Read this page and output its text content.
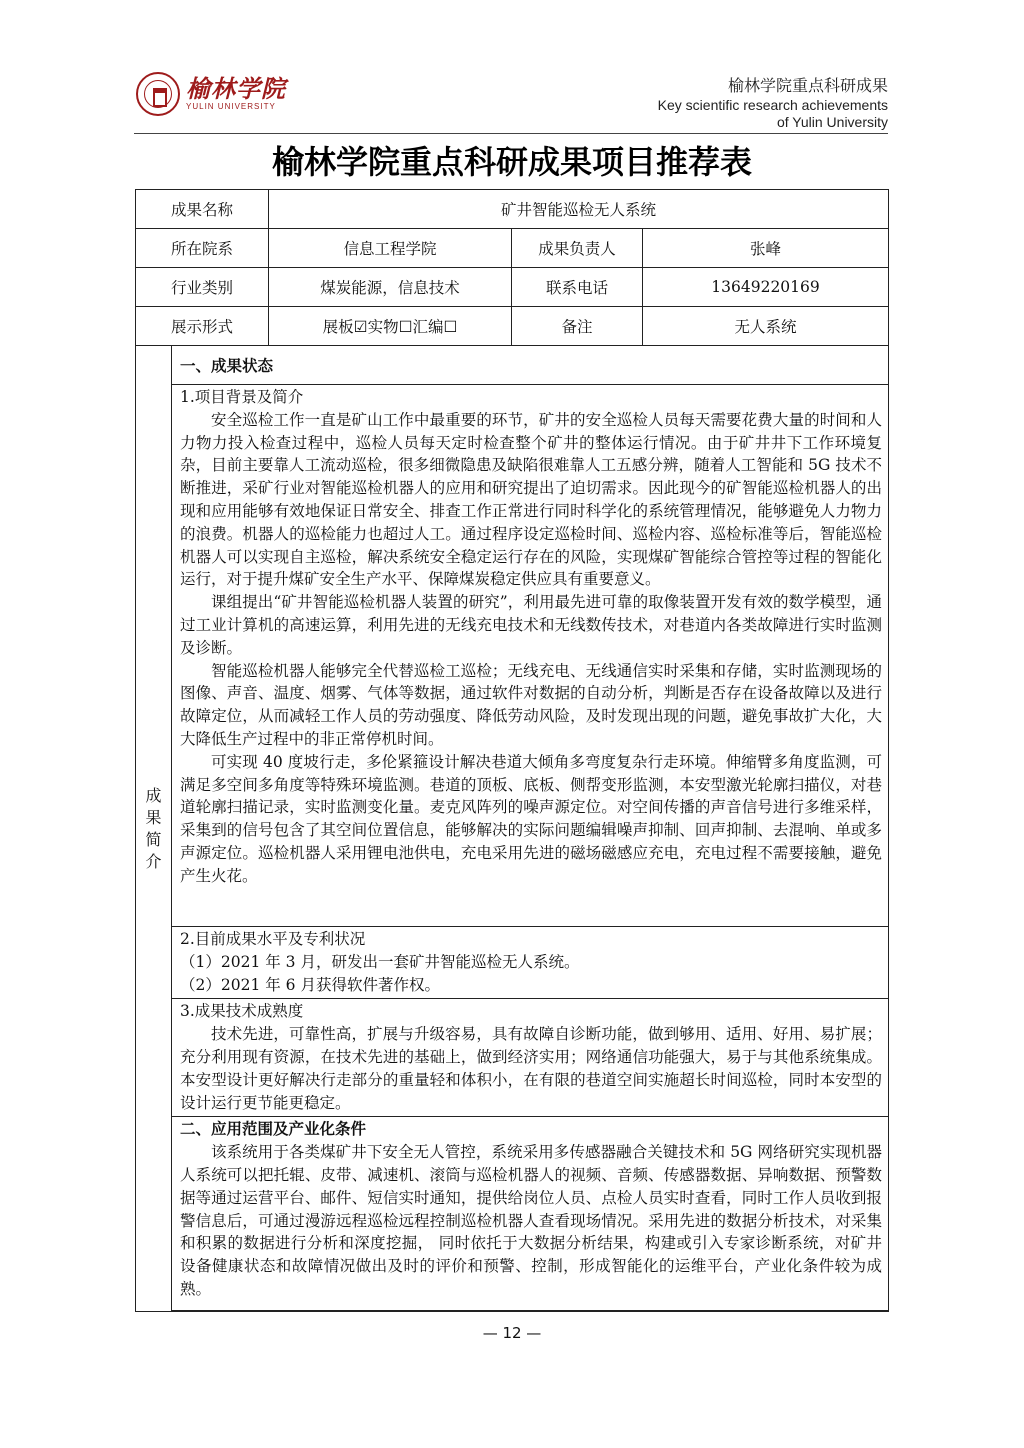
榆林学院
YULIN UNIVERSITY
榆林学院重点科研成果
Key scientific research achievements
of Yulin University
榆林学院重点科研成果项目推荐表
成果名称		矿井智能巡检无人系统		
所在院系		信息工程学院	成果负责人	张峰
行业类别		煤炭能源，信息技术	联系电话	13649220169
展示形式		展板☑实物☐汇编☐	备注	无人系统

成
果
简
介	一、成果状态			

	1.项目背景及简介

安全巡检工作一直是矿山工作中最重要的环节，矿井的安全巡检人员每天需要花费大量的时间和人力物力投入检查过程中，巡检人员每天定时检查整个矿井的整体运行情况。由于矿井井下工作环境复杂，目前主要靠人工流动巡检，很多细微隐患及缺陷很难靠人工五感分辨，随着人工智能和 5G 技术不断推进，采矿行业对智能巡检机器人的应用和研究提出了迫切需求。因此现今的矿智能巡检机器人的出现和应用能够有效地保证日常安全、排查工作正常进行同时科学化的系统管理情况，能够避免人力物力的浪费。机器人的巡检能力也超过人工。通过程序设定巡检时间、巡检内容、巡检标准等后，智能巡检机器人可以实现自主巡检，解决系统安全稳定运行存在的风险，实现煤矿智能综合管控等过程的智能化运行，对于提升煤矿安全生产水平、保障煤炭稳定供应具有重要意义。

课组提出“矿井智能巡检机器人装置的研究”，利用最先进可靠的取像装置开发有效的数学模型，通过工业计算机的高速运算，利用先进的无线充电技术和无线数传技术，对巷道内各类故障进行实时监测及诊断。

智能巡检机器人能够完全代替巡检工巡检；无线充电、无线通信实时采集和存储，实时监测现场的图像、声音、温度、烟雾、气体等数据，通过软件对数据的自动分析，判断是否存在设备故障以及进行故障定位，从而减轻工作人员的劳动强度、降低劳动风险，及时发现出现的问题，避免事故扩大化，大大降低生产过程中的非正常停机时间。

可实现 40 度坡行走，多伦紧箍设计解决巷道大倾角多弯度复杂行走环境。伸缩臂多角度监测，可满足多空间多角度等特殊环境监测。巷道的顶板、底板、侧帮变形监测，本安型激光轮廓扫描仪，对巷道轮廓扫描记录，实时监测变化量。麦克风阵列的噪声源定位。对空间传播的声音信号进行多维采样，采集到的信号包含了其空间位置信息，能够解决的实际问题编辑噪声抑制、回声抑制、去混响、单或多声源定位。巡检机器人采用锂电池供电，充电采用先进的磁场磁感应充电，充电过程不需要接触，避免产生火花。			

	2.目前成果水平及专利状况
（1）2021 年 3 月，研发出一套矿井智能巡检无人系统。
（2）2021 年 6 月获得软件著作权。			

	3.成果技术成熟度

技术先进，可靠性高，扩展与升级容易，具有故障自诊断功能，做到够用、适用、好用、易扩展；充分利用现有资源，在技术先进的基础上，做到经济实用；网络通信功能强大，易于与其他系统集成。本安型设计更好解决行走部分的重量轻和体积小，在有限的巷道空间实施超长时间巡检，同时本安型的设计运行更节能更稳定。			

	二、应用范围及产业化条件

该系统用于各类煤矿井下安全无人管控，系统采用多传感器融合关键技术和 5G 网络研究实现机器人系统可以把托辊、皮带、减速机、滚筒与巡检机器人的视频、音频、传感器数据、异响数据、预警数据等通过运营平台、邮件、短信实时通知，提供给岗位人员、点检人员实时查看，同时工作人员收到报警信息后，可通过漫游远程巡检远程控制巡检机器人查看现场情况。采用先进的数据分析技术，对采集和积累的数据进行分析和深度挖掘， 同时依托于大数据分析结果，构建或引入专家诊断系统，对矿井设备健康状态和故障情况做出及时的评价和预警、控制，形成智能化的运维平台，产业化条件较为成熟。			

— 12 —
